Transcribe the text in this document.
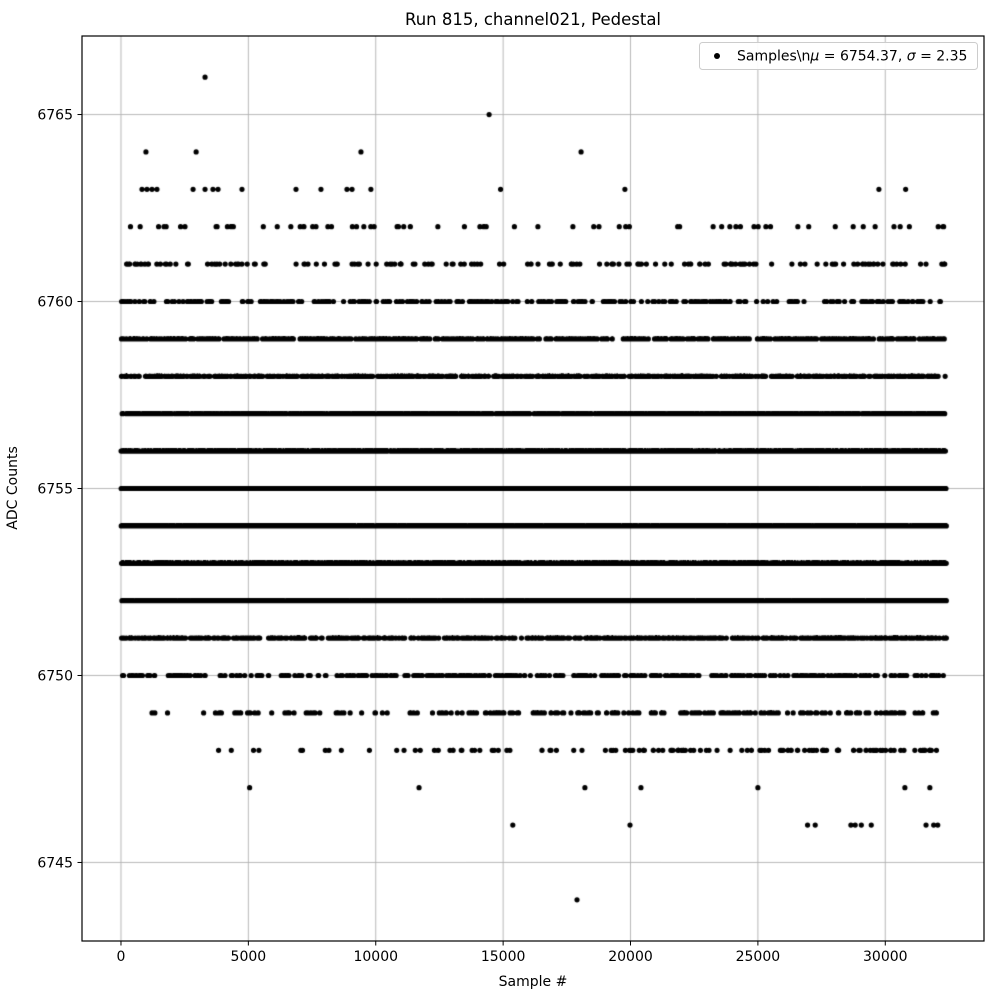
Run 815, channel021, Pedestal
Sample #
ADC Counts
0	5000	10000	15000	20000	25000	30000
6745
6750
6755
6760
6765
Samples\nμ = 6754.37, σ = 2.35
